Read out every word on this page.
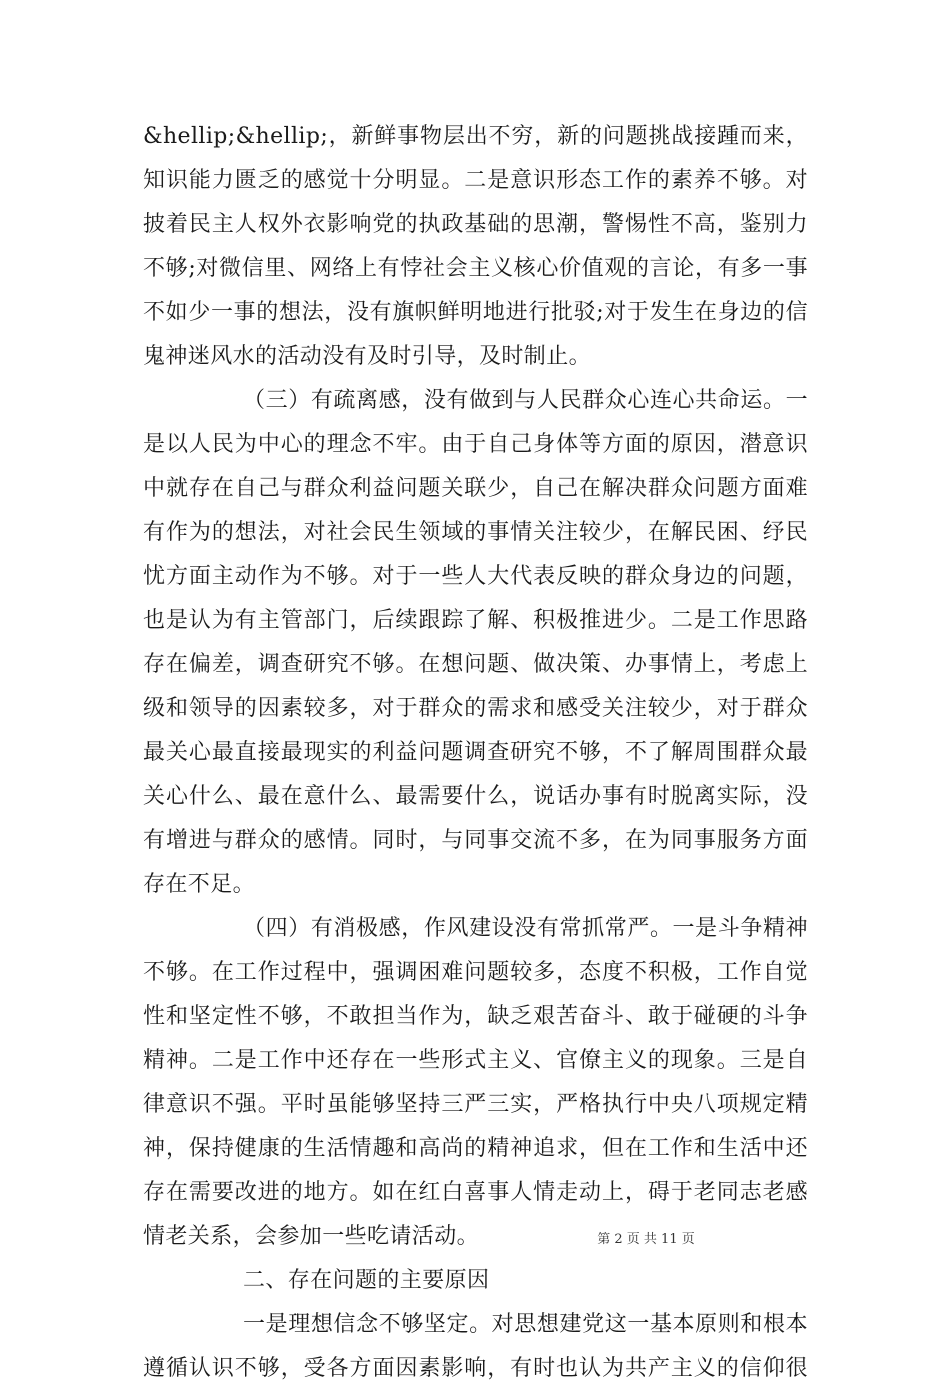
&hellip;&hellip;，新鲜事物层出不穷，新的问题挑战接踵而来，
知识能力匮乏的感觉十分明显。二是意识形态工作的素养不够。对
披着民主人权外衣影响党的执政基础的思潮，警惕性不高，鉴别力
不够;对微信里、网络上有悖社会主义核心价值观的言论，有多一事
不如少一事的想法，没有旗帜鲜明地进行批驳;对于发生在身边的信
鬼神迷风水的活动没有及时引导，及时制止。
（三）有疏离感，没有做到与人民群众心连心共命运。一
是以人民为中心的理念不牢。由于自己身体等方面的原因，潜意识
中就存在自己与群众利益问题关联少，自己在解决群众问题方面难
有作为的想法，对社会民生领域的事情关注较少，在解民困、纾民
忧方面主动作为不够。对于一些人大代表反映的群众身边的问题，
也是认为有主管部门，后续跟踪了解、积极推进少。二是工作思路
存在偏差，调查研究不够。在想问题、做决策、办事情上，考虑上
级和领导的因素较多，对于群众的需求和感受关注较少，对于群众
最关心最直接最现实的利益问题调查研究不够，不了解周围群众最
关心什么、最在意什么、最需要什么，说话办事有时脱离实际，没
有增进与群众的感情。同时，与同事交流不多，在为同事服务方面
存在不足。
（四）有消极感，作风建设没有常抓常严。一是斗争精神
不够。在工作过程中，强调困难问题较多，态度不积极，工作自觉
性和坚定性不够，不敢担当作为，缺乏艰苦奋斗、敢于碰硬的斗争
精神。二是工作中还存在一些形式主义、官僚主义的现象。三是自
律意识不强。平时虽能够坚持三严三实，严格执行中央八项规定精
神，保持健康的生活情趣和高尚的精神追求，但在工作和生活中还
存在需要改进的地方。如在红白喜事人情走动上，碍于老同志老感
情老关系，会参加一些吃请活动。
二、存在问题的主要原因
一是理想信念不够坚定。对思想建党这一基本原则和根本
遵循认识不够，受各方面因素影响，有时也认为共产主义的信仰很
第 2 页 共 11 页
